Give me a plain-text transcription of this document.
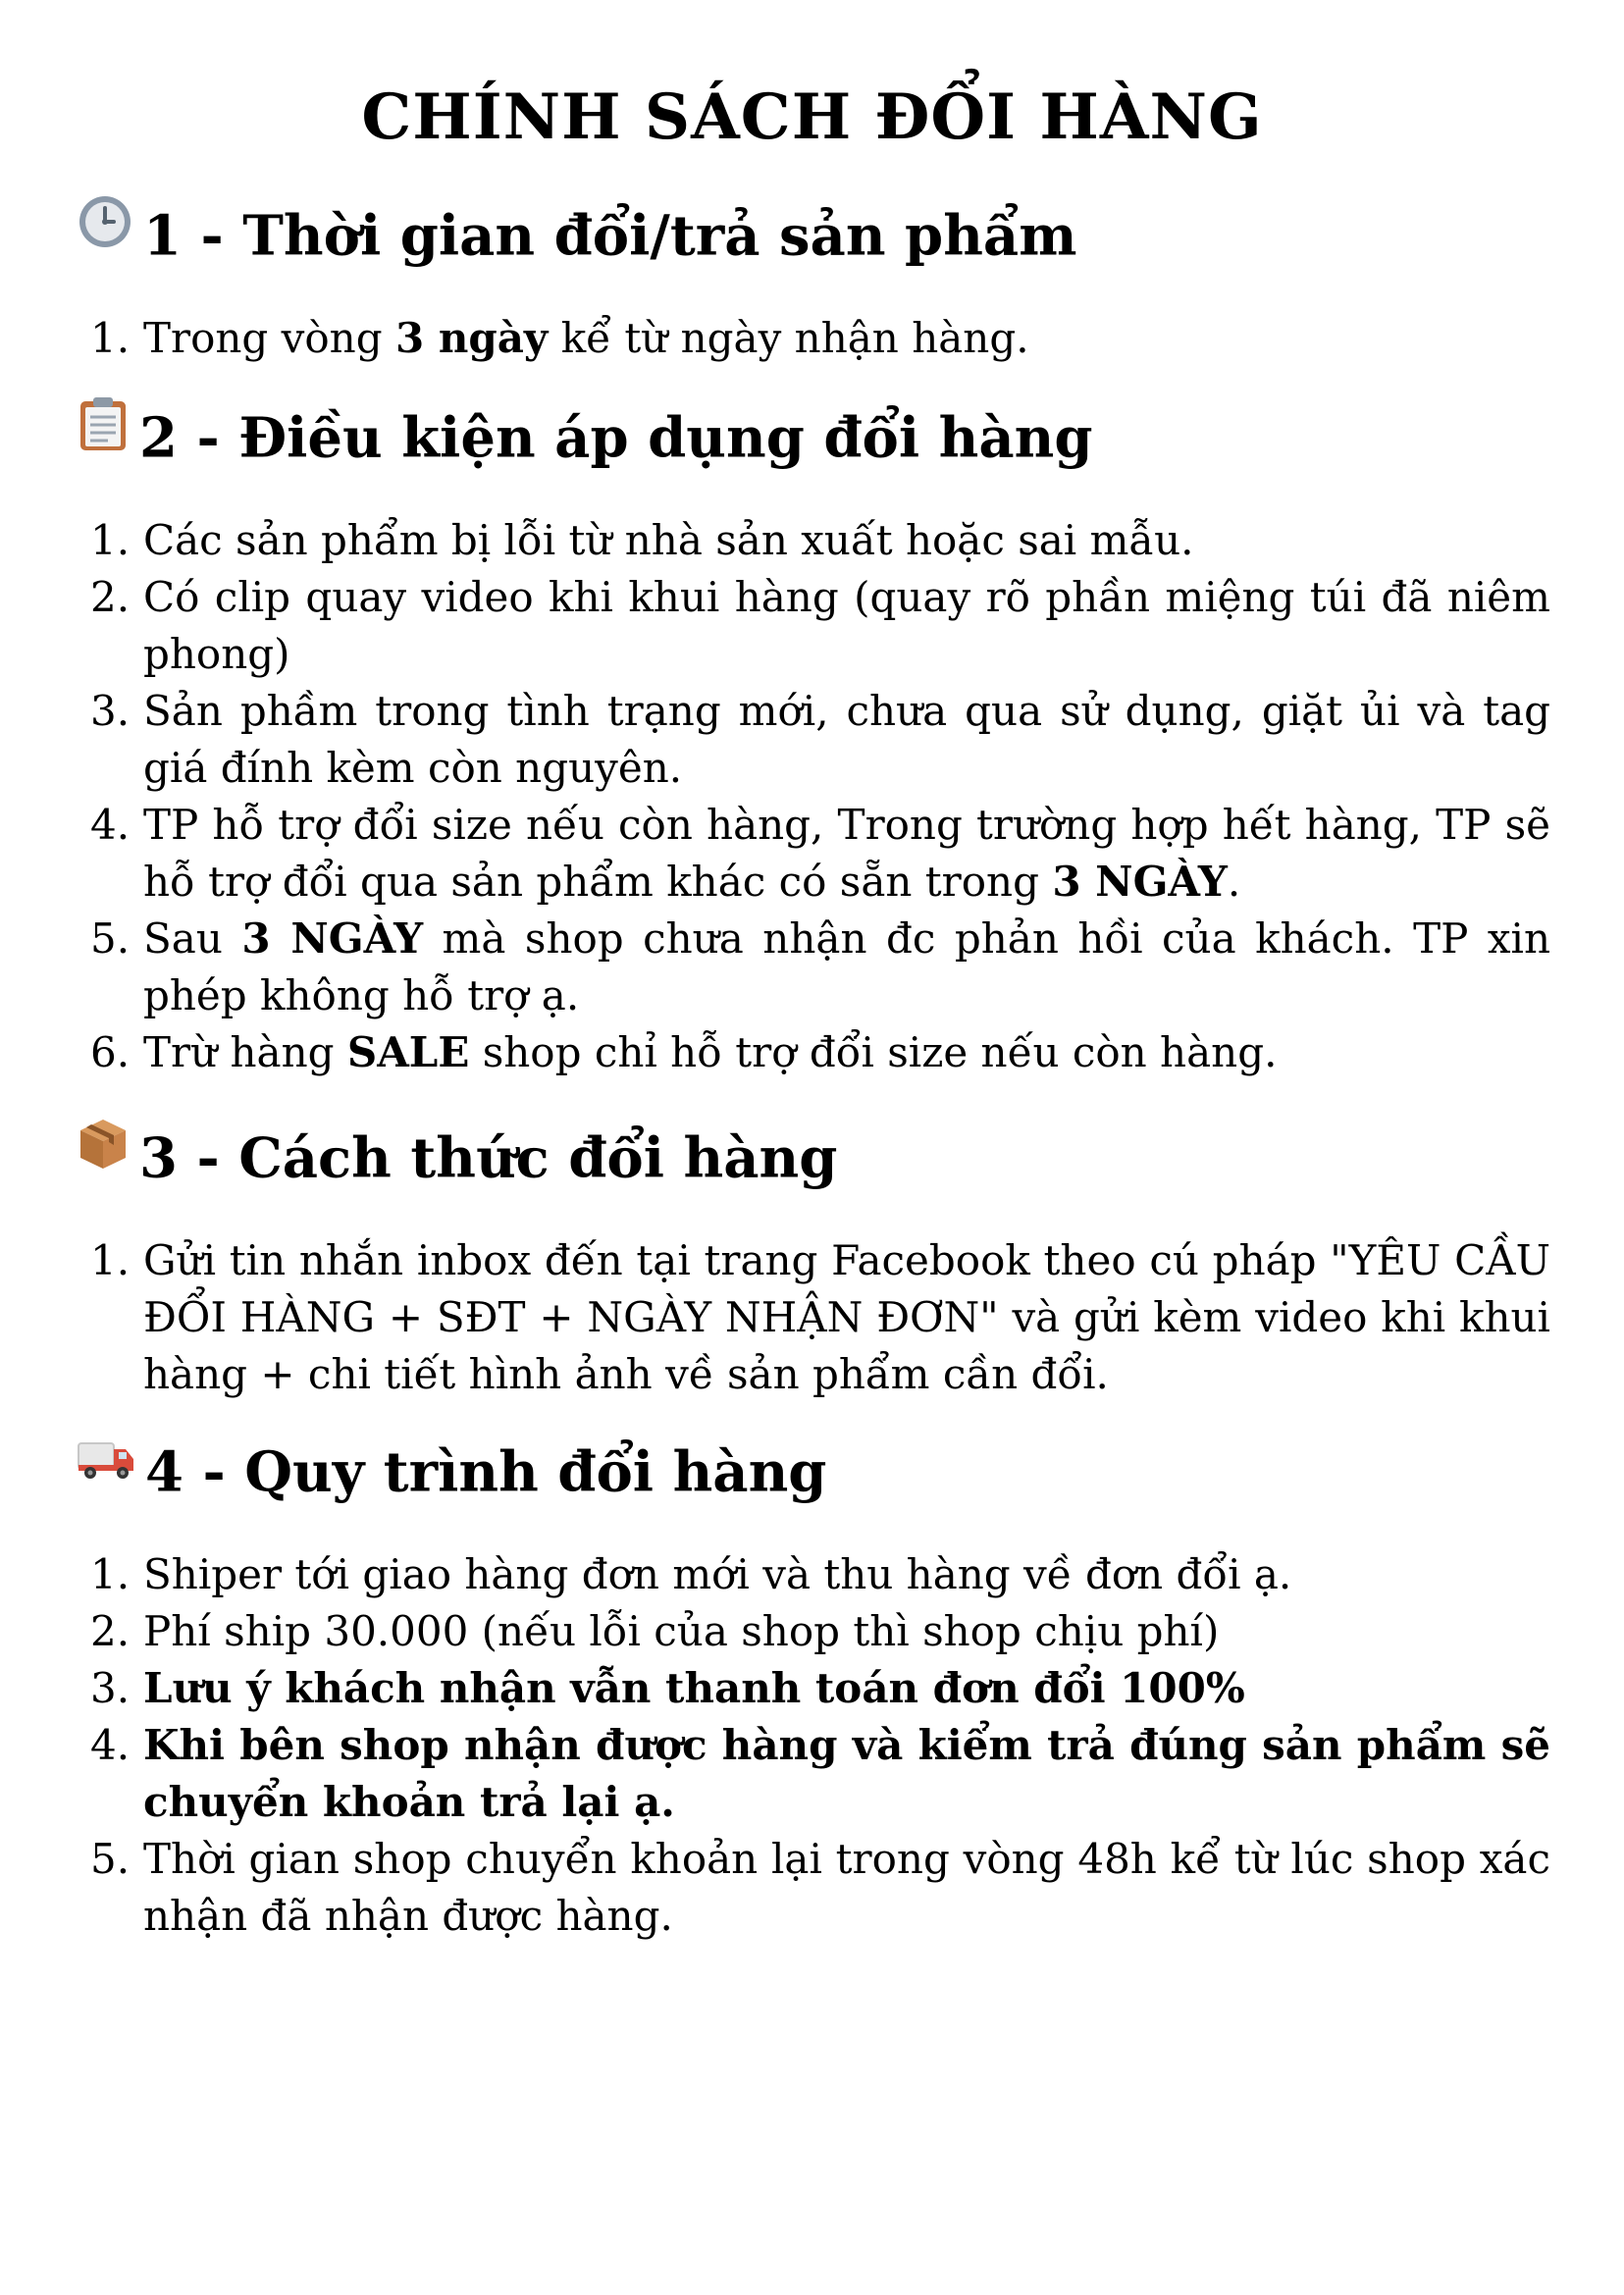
CHÍNH SÁCH ĐỔI HÀNG
1 - Thời gian đổi/trả sản phẩm
1. Trong vòng 3 ngày kể từ ngày nhận hàng.
2 - Điều kiện áp dụng đổi hàng
1. Các sản phẩm bị lỗi từ nhà sản xuất hoặc sai mẫu.
2. Có clip quay video khi khui hàng (quay rõ phần miệng túi đã niêm phong)
3. Sản phầm trong tình trạng mới, chưa qua sử dụng, giặt ủi và tag giá đính kèm còn nguyên.
4. TP hỗ trợ đổi size nếu còn hàng, Trong trường hợp hết hàng, TP sẽ hỗ trợ đổi qua sản phẩm khác có sẵn trong 3 NGÀY.
5. Sau 3 NGÀY mà shop chưa nhận đc phản hồi của khách. TP xin phép không hỗ trợ ạ.
6. Trừ hàng SALE shop chỉ hỗ trợ đổi size nếu còn hàng.
3 - Cách thức đổi hàng
1. Gửi tin nhắn inbox đến tại trang Facebook theo cú pháp "YÊU CẦU ĐỔI HÀNG + SĐT + NGÀY NHẬN ĐƠN" và gửi kèm video khi khui hàng + chi tiết hình ảnh về sản phẩm cần đổi.
4 - Quy trình đổi hàng
1. Shiper tới giao hàng đơn mới và thu hàng về đơn đổi ạ.
2. Phí ship 30.000 (nếu lỗi của shop thì shop chịu phí)
3. Lưu ý khách nhận vẫn thanh toán đơn đổi 100%
4. Khi bên shop nhận được hàng và kiểm trả đúng sản phẩm sẽ chuyển khoản trả lại ạ.
5. Thời gian shop chuyển khoản lại trong vòng 48h kể từ lúc shop xác nhận đã nhận được hàng.
